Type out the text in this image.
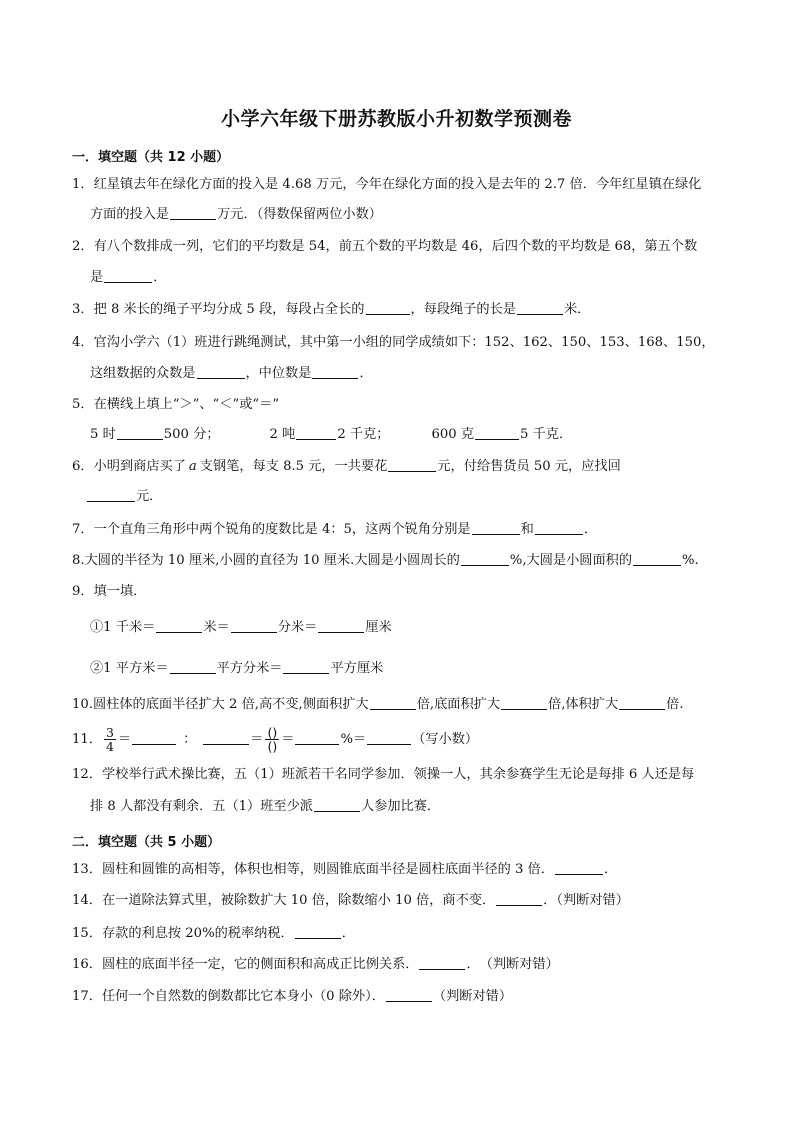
小学六年级下册苏教版小升初数学预测卷
一．填空题（共 12 小题）
1．红星镇去年在绿化方面的投入是 4.68 万元，今年在绿化方面的投入是去年的 2.7 倍．今年红星镇在绿化
方面的投入是	万元．（得数保留两位小数）
2．有八个数排成一列，它们的平均数是 54，前五个数的平均数是 46，后四个数的平均数是 68，第五个数
是	．
3．把 8 米长的绳子平均分成 5 段，每段占全长的	，每段绳子的长是	米．
4．官沟小学六（1）班进行跳绳测试，其中第一小组的同学成绩如下：152、162、150、153、168、150，
这组数据的众数是	，中位数是	．
5．在横线上填上“＞”、“＜”或“＝”
5 时	500 分；	2 吨	2 千克；	600 克	5 千克．
6．小明到商店买了 a 支钢笔，每支 8.5 元，一共要花	元，付给售货员 50 元，应找回
元．
7．一个直角三角形中两个锐角的度数比是 4：5，这两个锐角分别是	和	．
8.大圆的半径为 10 厘米,小圆的直径为 10 厘米.大圆是小圆周长的	%,大圆是小圆面积的	%.
9．填一填．
①1 千米＝	米＝	分米＝	厘米
②1 平方米＝	平方分米＝	平方厘米
10.圆柱体的底面半径扩大 2 倍,高不变,侧面积扩大	倍,底面积扩大	倍,体积扩大	倍.
11． $\frac{3}{4}$ ＝	：	＝ $\frac{()}{()}$ ＝	%＝	（写小数）
12．学校举行武术操比赛，五（1）班派若干名同学参加．领操一人，其余参赛学生无论是每排 6 人还是每
排 8 人都没有剩余．五（1）班至少派	人参加比赛．
二．填空题（共 5 小题）
13．圆柱和圆锥的高相等，体积也相等，则圆锥底面半径是圆柱底面半径的 3 倍．	．
14．在一道除法算式里，被除数扩大 10 倍，除数缩小 10 倍，商不变．	．（判断对错）
15．存款的利息按 20%的税率纳税．	．
16．圆柱的底面半径一定，它的侧面积和高成正比例关系．	．　（判断对错）
17．任何一个自然数的倒数都比它本身小（0 除外）．	（判断对错）
